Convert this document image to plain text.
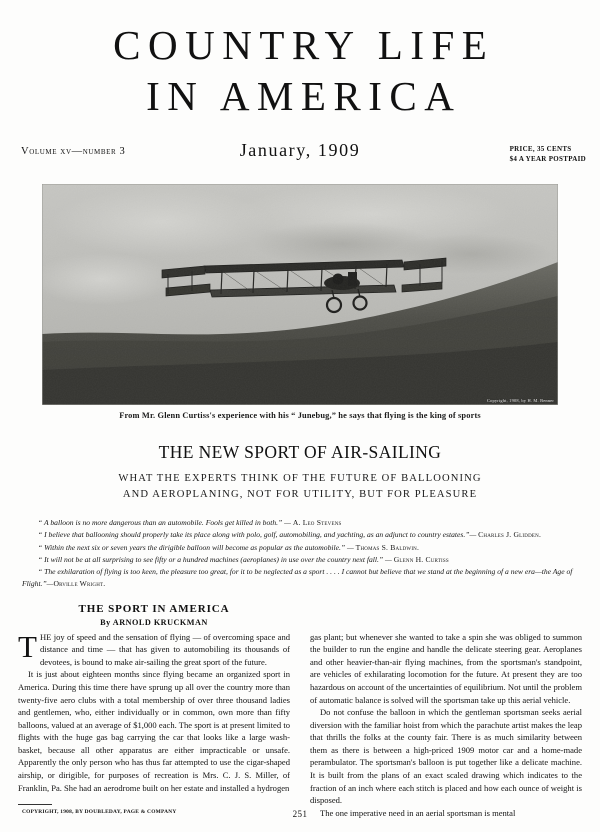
COUNTRY LIFE
IN AMERICA
Volume xv—number 3	January, 1909	PRICE, 35 CENTS
$4 A YEAR POSTPAID
Copyright, 1908, by H. M. Benner
From Mr. Glenn Curtiss's experience with his “ Junebug,” he says that flying is the king of sports
THE NEW SPORT OF AIR-SAILING
WHAT THE EXPERTS THINK OF THE FUTURE OF BALLOONING
AND AEROPLANING, NOT FOR UTILITY, BUT FOR PLEASURE

“ A balloon is no more dangerous than an automobile. Fools get killed in both.” — A. Leo Stevens

“ I believe that ballooning should properly take its place along with polo, golf, automobiling, and yachting, as an adjunct to country estates.”— Charles J. Glidden.

“ Within the next six or seven years the dirigible balloon will become as popular as the automobile.” — Thomas S. Baldwin.

“ It will not be at all surprising to see fifty or a hundred machines (aeroplanes) in use over the country next fall.” — Glenn H. Curtiss

“ The exhilaration of flying is too keen, the pleasure too great, for it to be neglected as a sport . . . . I cannot but believe that we stand at the beginning of a new era—the Age of Flight.”—Orville Wright.

THE SPORT IN AMERICA
By ARNOLD KRUCKMAN

THE joy of speed and the sensation of flying — of overcoming space and distance and time — that has given to automobiling its thousands of devotees, is bound to make air-sailing the great sport of the future.

It is just about eighteen months since flying became an organized sport in America. During this time there have sprung up all over the country more than twenty-five aero clubs with a total membership of over three thousand ladies and gentlemen, who, either individually or in common, own more than fifty balloons, valued at an average of $1,000 each. The sport is at present limited to flights with the huge gas bag carrying the car that looks like a large wash-basket, because all other apparatus are either impracticable or unsafe. Apparently the only person who has thus far attempted to use the cigar-shaped airship, or dirigible, for purposes of recreation is Mrs. C. J. S. Miller, of Franklin, Pa. She had an aerodrome built on her estate and installed a hydrogen

gas plant; but whenever she wanted to take a spin she was obliged to summon the builder to run the engine and handle the delicate steering gear. Aeroplanes and other heavier-than-air flying machines, from the sportsman's standpoint, are vehicles of exhilarating locomotion for the future. At present they are too hazardous on account of the uncertainties of equilibrium. Not until the problem of automatic balance is solved will the sportsman take up this aerial vehicle.

Do not confuse the balloon in which the gentleman sportsman seeks aerial diversion with the familiar hoist from which the parachute artist makes the leap that thrills the folks at the county fair. There is as much similarity between them as there is between a high-priced 1909 motor car and a home-made perambulator. The sportsman's balloon is put together like a delicate machine. It is built from the plans of an exact scaled drawing which indicates to the fraction of an inch where each stitch is placed and how each ounce of weight is disposed.

The one imperative need in an aerial sportsman is mental

COPYRIGHT, 1908, BY DOUBLEDAY, PAGE & COMPANY	251
